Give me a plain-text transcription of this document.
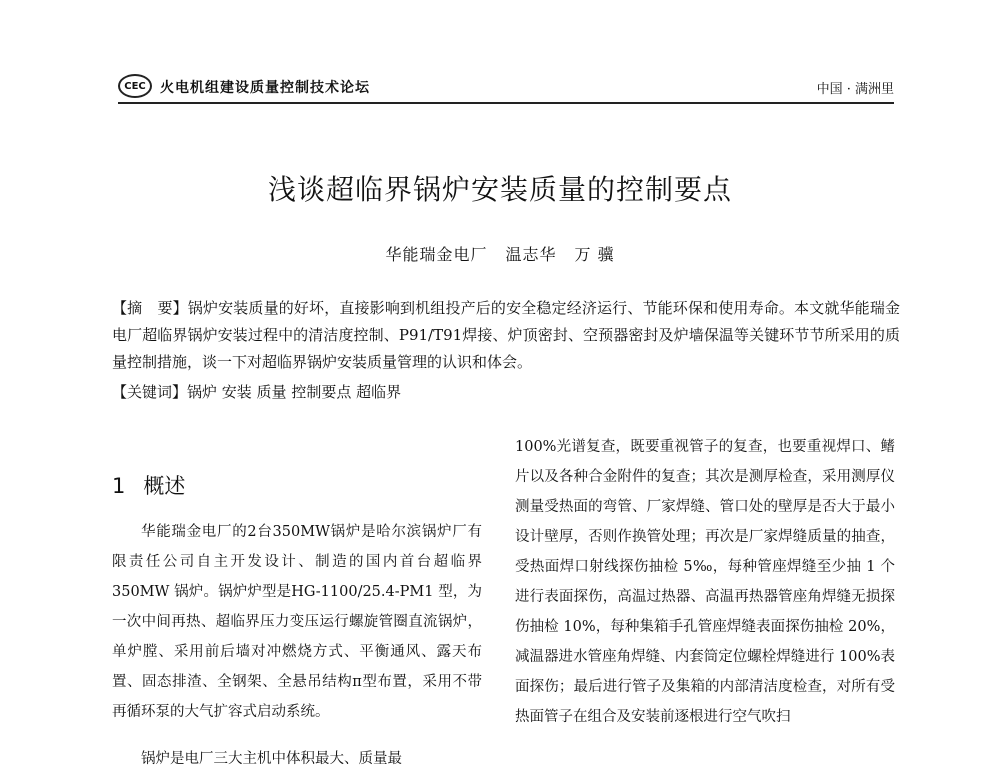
CEC 火电机组建设质量控制技术论坛	中国 · 满洲里
浅谈超临界锅炉安装质量的控制要点
华能瑞金电厂 温志华 万 骥
【摘　要】锅炉安装质量的好坏，直接影响到机组投产后的安全稳定经济运行、节能环保和使用寿命。本文就华能瑞金电厂超临界锅炉安装过程中的清洁度控制、P91/T91焊接、炉顶密封、空预器密封及炉墙保温等关键环节节所采用的质量控制措施，谈一下对超临界锅炉安装质量管理的认识和体会。
【关键词】锅炉 安装 质量 控制要点 超临界
1 概述
华能瑞金电厂的2台350MW锅炉是哈尔滨锅炉厂有限责任公司自主开发设计、制造的国内首台超临界 350MW 锅炉。锅炉炉型是HG-1100/25.4-PM1 型，为一次中间再热、超临界压力变压运行螺旋管圈直流锅炉，单炉膛、采用前后墙对冲燃烧方式、平衡通风、露天布置、固态排渣、全钢架、全悬吊结构π型布置，采用不带再循环泵的大气扩容式启动系统。
锅炉是电厂三大主机中体积最大、质量最
100%光谱复查，既要重视管子的复查，也要重视焊口、鳍片以及各种合金附件的复查；其次是测厚检查，采用测厚仪测量受热面的弯管、厂家焊缝、管口处的壁厚是否大于最小设计壁厚，否则作换管处理；再次是厂家焊缝质量的抽查，受热面焊口射线探伤抽检 5‰，每种管座焊缝至少抽 1 个进行表面探伤，高温过热器、高温再热器管座角焊缝无损探伤抽检 10%，每种集箱手孔管座焊缝表面探伤抽检 20%，减温器进水管座角焊缝、内套筒定位螺栓焊缝进行 100%表面探伤；最后进行管子及集箱的内部清洁度检查，对所有受热面管子在组合及安装前逐根进行空气吹扫
